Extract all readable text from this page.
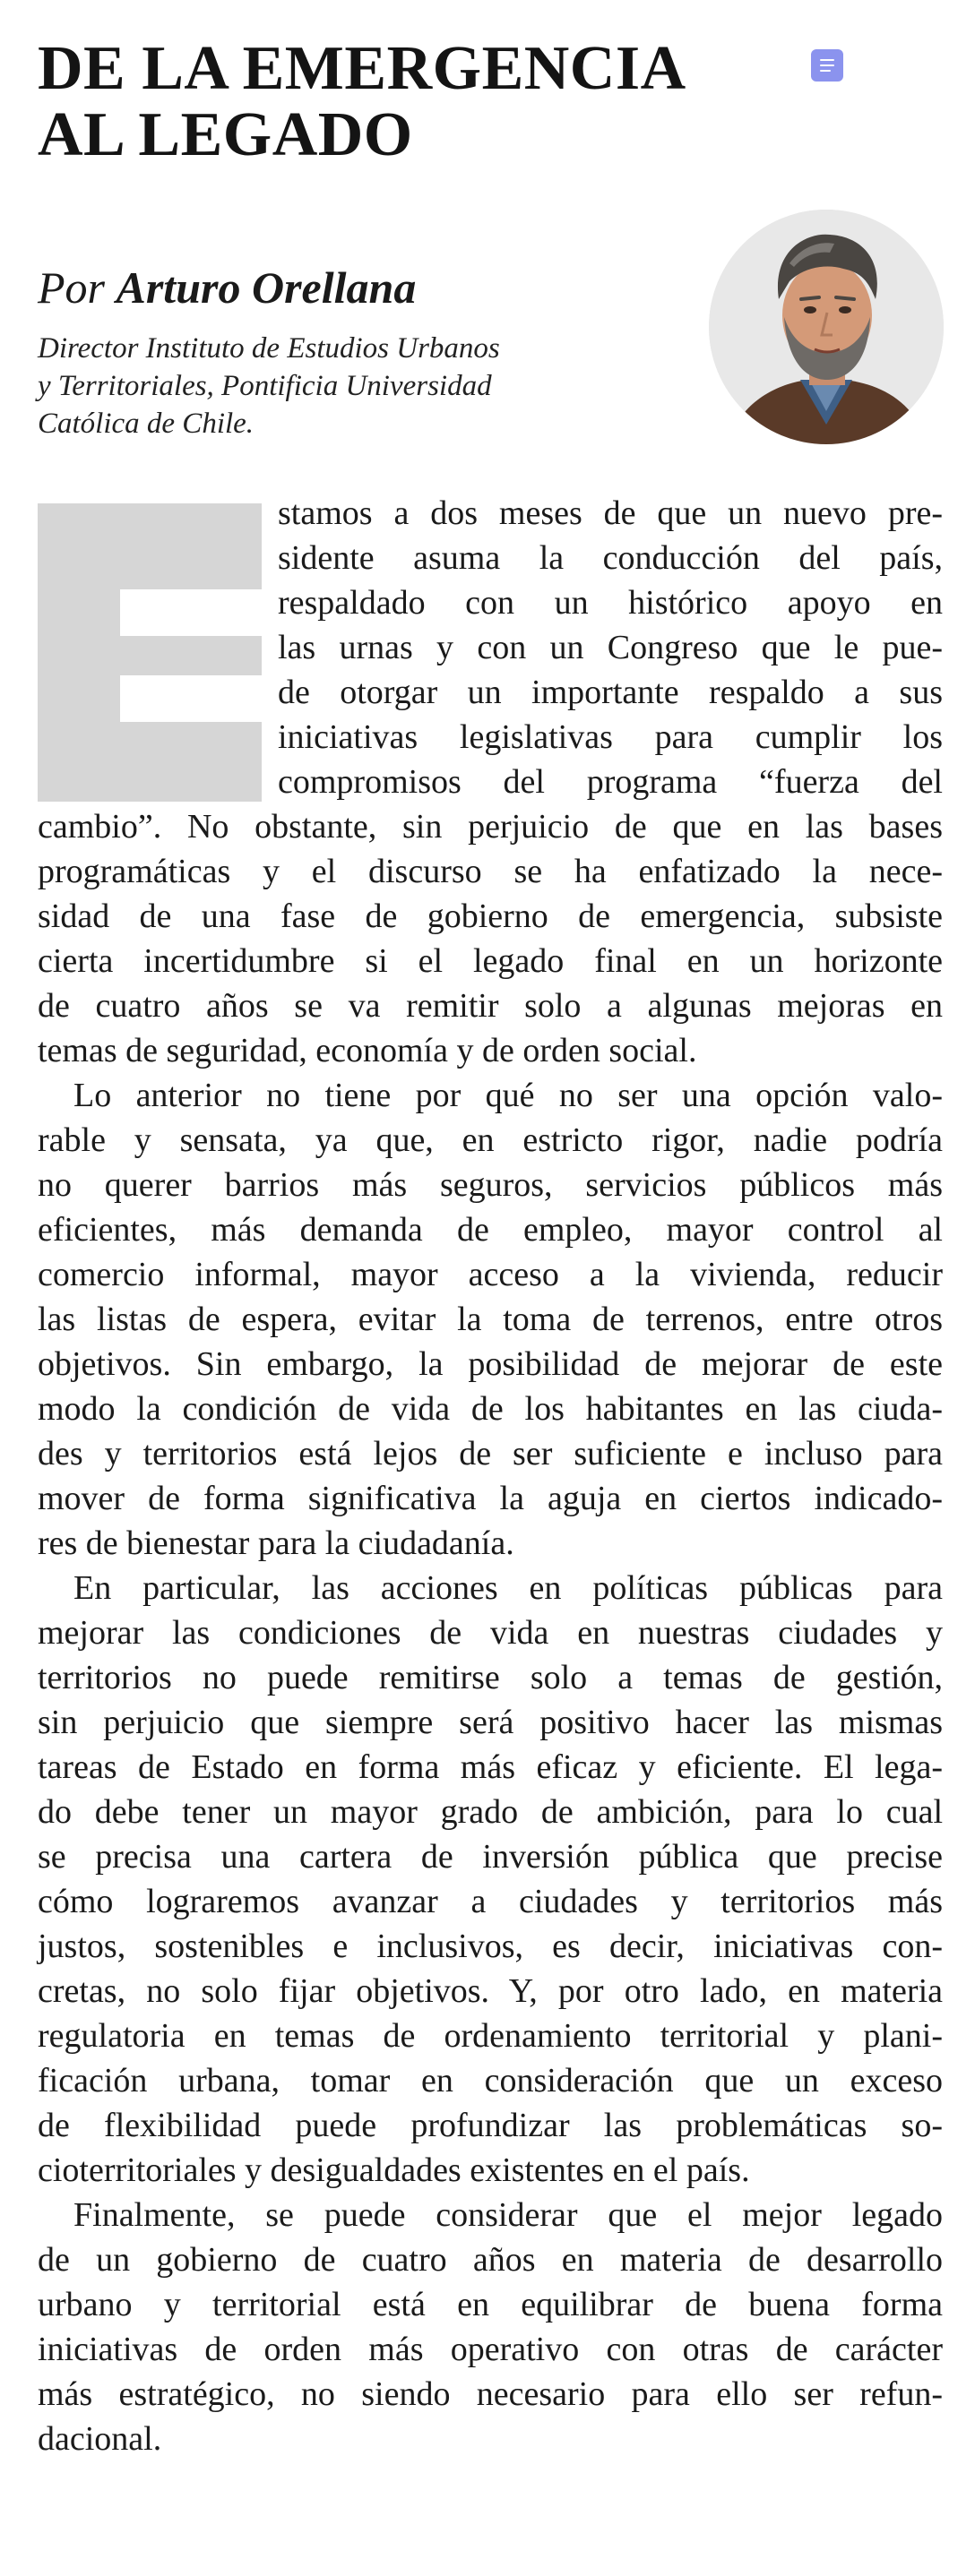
DE LA EMERGENCIA
AL LEGADO
Por Arturo Orellana
Director Instituto de Estudios Urbanos
y Territoriales, Pontificia Universidad
Católica de Chile.
stamos a dos meses de que un nuevo pre-
sidente asuma la conducción del país,
respaldado con un histórico apoyo en
las urnas y con un Congreso que le pue-
de otorgar un importante respaldo a sus
iniciativas legislativas para cumplir los
compromisos del programa “fuerza del
cambio”. No obstante, sin perjuicio de que en las bases
programáticas y el discurso se ha enfatizado la nece-
sidad de una fase de gobierno de emergencia, subsiste
cierta incertidumbre si el legado final en un horizonte
de cuatro años se va remitir solo a algunas mejoras en
temas de seguridad, economía y de orden social.
Lo anterior no tiene por qué no ser una opción valo-
rable y sensata, ya que, en estricto rigor, nadie podría
no querer barrios más seguros, servicios públicos más
eficientes, más demanda de empleo, mayor control al
comercio informal, mayor acceso a la vivienda, reducir
las listas de espera, evitar la toma de terrenos, entre otros
objetivos. Sin embargo, la posibilidad de mejorar de este
modo la condición de vida de los habitantes en las ciuda-
des y territorios está lejos de ser suficiente e incluso para
mover de forma significativa la aguja en ciertos indicado-
res de bienestar para la ciudadanía.
En particular, las acciones en políticas públicas para
mejorar las condiciones de vida en nuestras ciudades y
territorios no puede remitirse solo a temas de gestión,
sin perjuicio que siempre será positivo hacer las mismas
tareas de Estado en forma más eficaz y eficiente. El lega-
do debe tener un mayor grado de ambición, para lo cual
se precisa una cartera de inversión pública que precise
cómo lograremos avanzar a ciudades y territorios más
justos, sostenibles e inclusivos, es decir, iniciativas con-
cretas, no solo fijar objetivos. Y, por otro lado, en materia
regulatoria en temas de ordenamiento territorial y plani-
ficación urbana, tomar en consideración que un exceso
de flexibilidad puede profundizar las problemáticas so-
cioterritoriales y desigualdades existentes en el país.
Finalmente, se puede considerar que el mejor legado
de un gobierno de cuatro años en materia de desarrollo
urbano y territorial está en equilibrar de buena forma
iniciativas de orden más operativo con otras de carácter
más estratégico, no siendo necesario para ello ser refun-
dacional.
